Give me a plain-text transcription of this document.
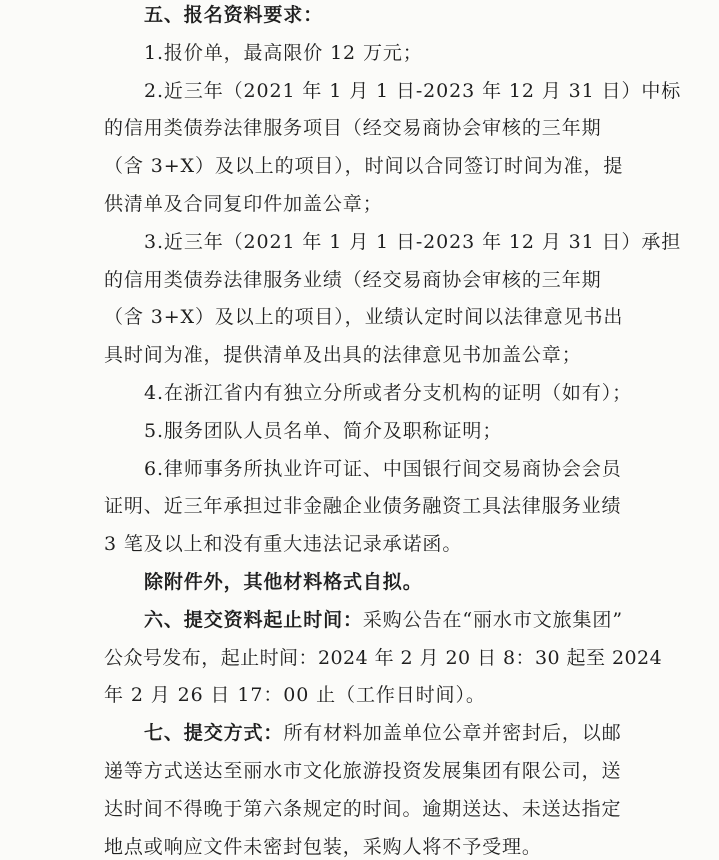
五、报名资料要求：
1.报价单，最高限价 12 万元；
2.近三年（2021 年 1 月 1 日-2023 年 12 月 31 日）中标
的信用类债券法律服务项目（经交易商协会审核的三年期
（含 3+X）及以上的项目），时间以合同签订时间为准，提
供清单及合同复印件加盖公章；
3.近三年（2021 年 1 月 1 日-2023 年 12 月 31 日）承担
的信用类债券法律服务业绩（经交易商协会审核的三年期
（含 3+X）及以上的项目），业绩认定时间以法律意见书出
具时间为准，提供清单及出具的法律意见书加盖公章；
4.在浙江省内有独立分所或者分支机构的证明（如有）；
5.服务团队人员名单、简介及职称证明；
6.律师事务所执业许可证、中国银行间交易商协会会员
证明、近三年承担过非金融企业债务融资工具法律服务业绩
3 笔及以上和没有重大违法记录承诺函。
除附件外，其他材料格式自拟。
六、提交资料起止时间：采购公告在“丽水市文旅集团”
公众号发布，起止时间：2024 年 2 月 20 日 8：30 起至 2024
年 2 月 26 日 17：00 止（工作日时间）。
七、提交方式：所有材料加盖单位公章并密封后，以邮
递等方式送达至丽水市文化旅游投资发展集团有限公司，送
达时间不得晚于第六条规定的时间。逾期送达、未送达指定
地点或响应文件未密封包装，采购人将不予受理。
